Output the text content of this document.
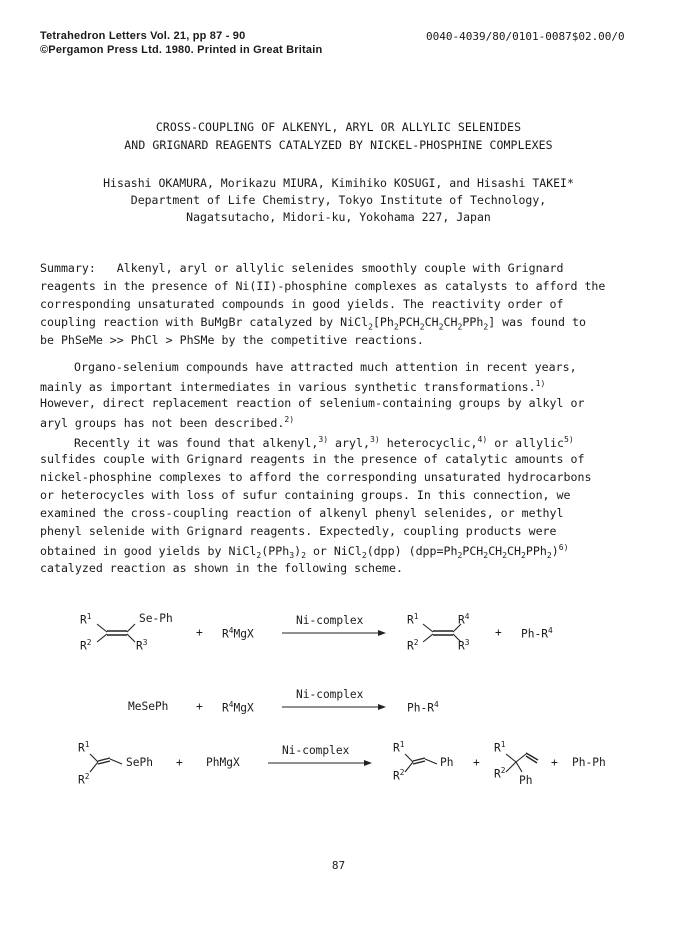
Tetrahedron Letters Vol. 21, pp 87 - 90
©Pergamon Press Ltd. 1980. Printed in Great Britain
0040-4039/80/0101-0087$02.00/0
CROSS-COUPLING OF ALKENYL, ARYL OR ALLYLIC SELENIDES
AND GRIGNARD REAGENTS CATALYZED BY NICKEL-PHOSPHINE COMPLEXES
Hisashi OKAMURA, Morikazu MIURA, Kimihiko KOSUGI, and Hisashi TAKEI*
Department of Life Chemistry, Tokyo Institute of Technology,
Nagatsutacho, Midori-ku, Yokohama 227, Japan
Summary: Alkenyl, aryl or allylic selenides smoothly couple with Grignard
reagents in the presence of Ni(II)-phosphine complexes as catalysts to afford the
corresponding unsaturated compounds in good yields. The reactivity order of
coupling reaction with BuMgBr catalyzed by $NiCl_2[Ph_2PCH_2CH_2CH_2PPh_2]$ was found to
be PhSeMe >> PhCl > PhSMe by the competitive reactions.
Organo-selenium compounds have attracted much attention in recent years,
mainly as important intermediates in various synthetic transformations.$^{1)}$
However, direct replacement reaction of selenium-containing groups by alkyl or
aryl groups has not been described.$^{2)}$
Recently it was found that alkenyl,$^{3)}$ aryl,$^{3)}$ heterocyclic,$^{4)}$ or allylic$^{5)}$
sulfides couple with Grignard reagents in the presence of catalytic amounts of
nickel-phosphine complexes to afford the corresponding unsaturated hydrocarbons
or heterocycles with loss of sufur containing groups. In this connection, we
examined the cross-coupling reaction of alkenyl phenyl selenides, or methyl
phenyl selenide with Grignard reagents. Expectedly, coupling products were
obtained in good yields by $NiCl_2(PPh_3)_2$ or NiCl$_2$(dpp) $(dpp=Ph_2PCH_2CH_2CH_2PPh_2)^{6)}$
catalyzed reaction as shown in the following scheme.
$R^1$
$R^2$
Se-Ph
$R^3$
+ $R^4MgX$
Ni-complex	$R^1$
$R^2$
$R^4$
$R^3$
+ $Ph-R^4$
Ni-complex
MeSePh + $R^4MgX$	$Ph-R^4$
$R^1$
$R^2$
SePh + PhMgX
Ni-complex	$R^1$
$R^2$
Ph +
$R^1$
$R^2$
Ph
+ Ph-Ph
87
